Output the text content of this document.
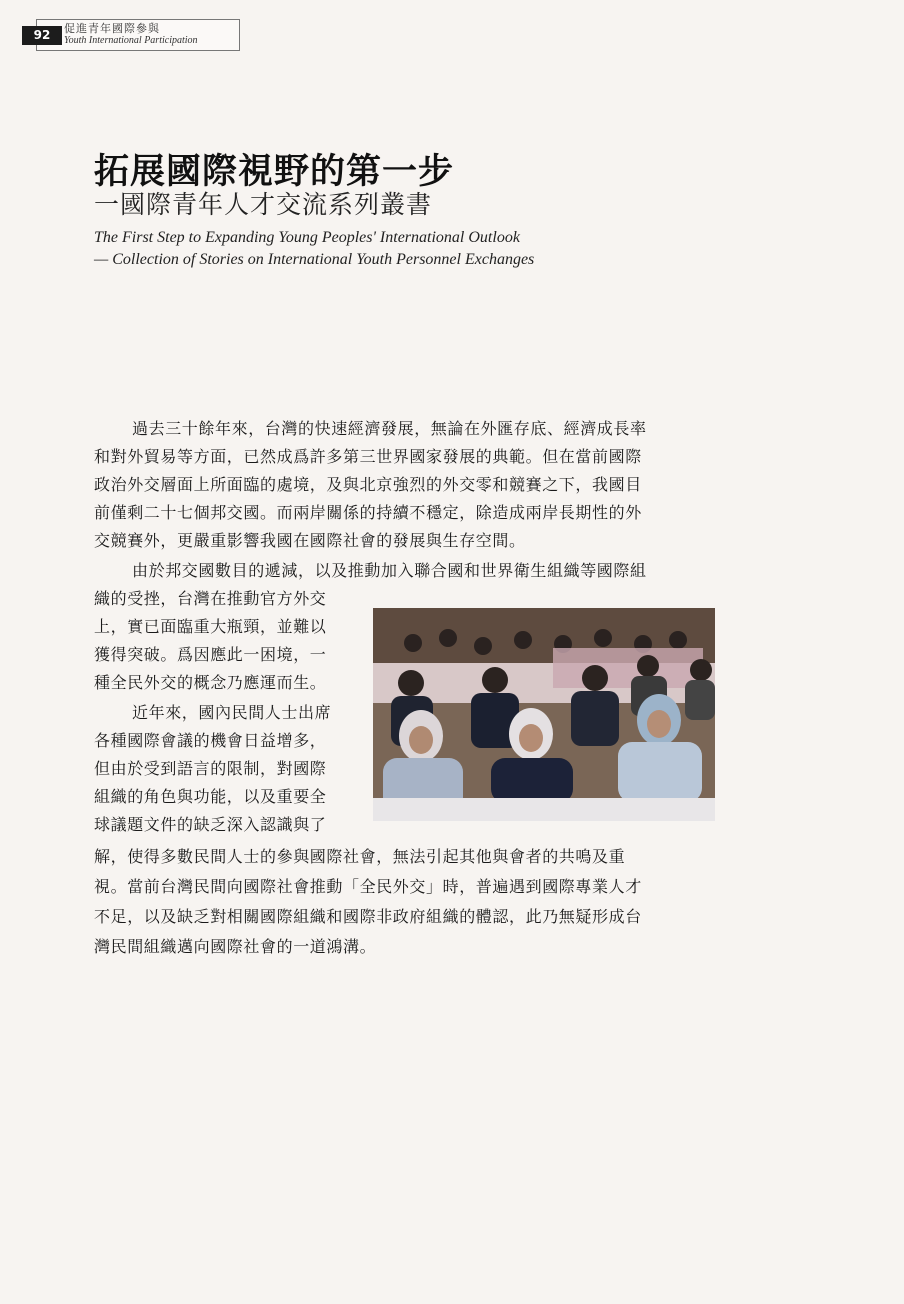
92	促進青年國際參與
Youth International Participation
拓展國際視野的第一步
一國際青年人才交流系列叢書
The First Step to Expanding Young Peoples' International Outlook
— Collection of Stories on International Youth Personnel Exchanges
過去三十餘年來，台灣的快速經濟發展，無論在外匯存底、經濟成長率
和對外貿易等方面，已然成爲許多第三世界國家發展的典範。但在當前國際
政治外交層面上所面臨的處境，及與北京強烈的外交零和競賽之下，我國目
前僅剩二十七個邦交國。而兩岸關係的持續不穩定，除造成兩岸長期性的外
交競賽外，更嚴重影響我國在國際社會的發展與生存空間。
由於邦交國數目的遞減，以及推動加入聯合國和世界衛生組織等國際組
織的受挫，台灣在推動官方外交
上，實已面臨重大瓶頸，並難以
獲得突破。爲因應此一困境，一
種全民外交的概念乃應運而生。
近年來，國內民間人士出席
各種國際會議的機會日益增多，
但由於受到語言的限制，對國際
組織的角色與功能，以及重要全
球議題文件的缺乏深入認識與了
解，使得多數民間人士的參與國際社會，無法引起其他與會者的共鳴及重
視。當前台灣民間向國際社會推動「全民外交」時，普遍遇到國際專業人才
不足，以及缺乏對相關國際組織和國際非政府組織的體認，此乃無疑形成台
灣民間組織邁向國際社會的一道鴻溝。
